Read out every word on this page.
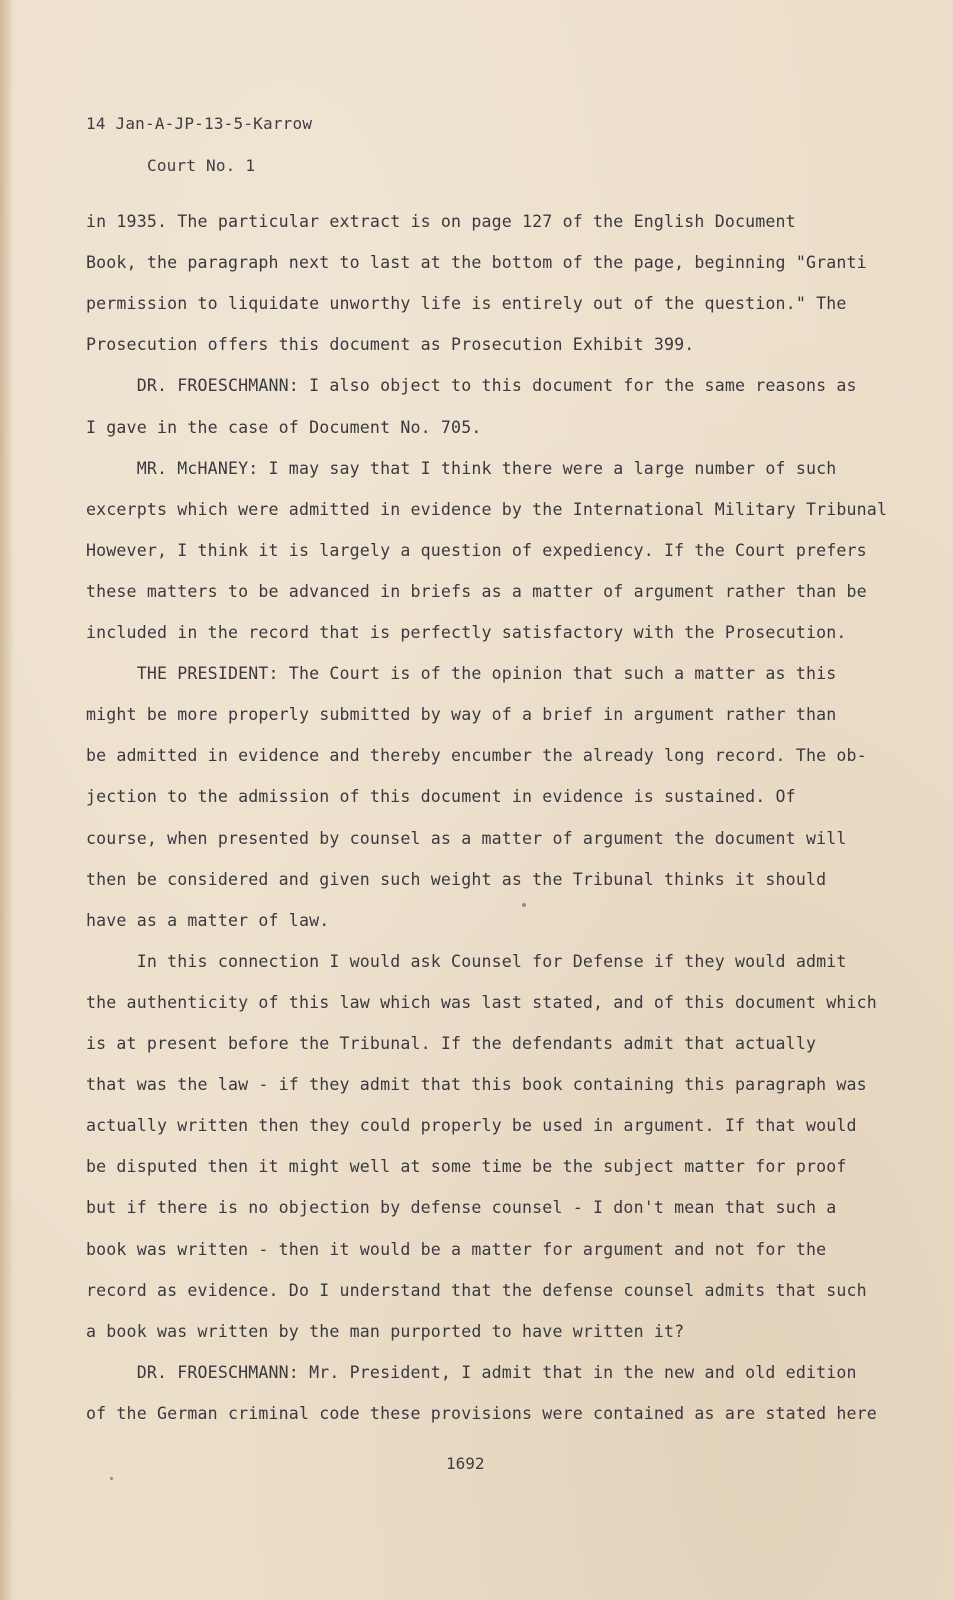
14 Jan-A-JP-13-5-Karrow
Court No. 1
in 1935. The particular extract is on page 127 of the English Document
Book, the paragraph next to last at the bottom of the page, beginning "Granti
permission to liquidate unworthy life is entirely out of the question." The
Prosecution offers this document as Prosecution Exhibit 399.
DR. FROESCHMANN: I also object to this document for the same reasons as
I gave in the case of Document No. 705.
MR. McHANEY: I may say that I think there were a large number of such
excerpts which were admitted in evidence by the International Military Tribunal
However, I think it is largely a question of expediency. If the Court prefers
these matters to be advanced in briefs as a matter of argument rather than be
included in the record that is perfectly satisfactory with the Prosecution.
THE PRESIDENT: The Court is of the opinion that such a matter as this
might be more properly submitted by way of a brief in argument rather than
be admitted in evidence and thereby encumber the already long record. The ob-
jection to the admission of this document in evidence is sustained. Of
course, when presented by counsel as a matter of argument the document will
then be considered and given such weight as the Tribunal thinks it should
have as a matter of law.
In this connection I would ask Counsel for Defense if they would admit
the authenticity of this law which was last stated, and of this document which
is at present before the Tribunal. If the defendants admit that actually
that was the law - if they admit that this book containing this paragraph was
actually written then they could properly be used in argument. If that would
be disputed then it might well at some time be the subject matter for proof
but if there is no objection by defense counsel - I don't mean that such a
book was written - then it would be a matter for argument and not for the
record as evidence. Do I understand that the defense counsel admits that such
a book was written by the man purported to have written it?
DR. FROESCHMANN: Mr. President, I admit that in the new and old edition
of the German criminal code these provisions were contained as are stated here
1692
